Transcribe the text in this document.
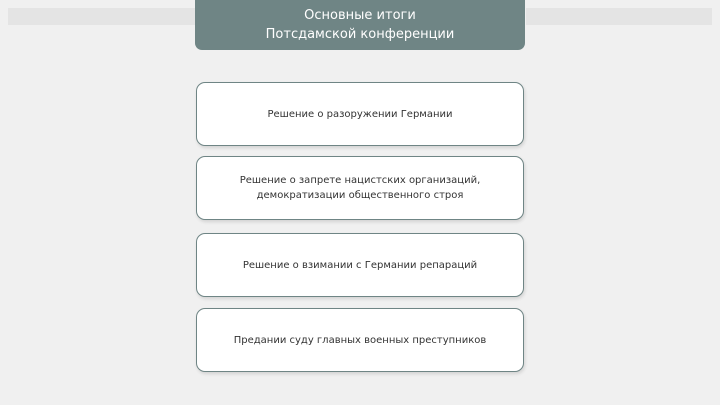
Основные итоги
Потсдамской конференции
Решение о разоружении Германии
Решение о запрете нацистских организаций,
демократизации общественного строя
Решение о взимании с Германии репараций
Предании суду главных военных преступников
